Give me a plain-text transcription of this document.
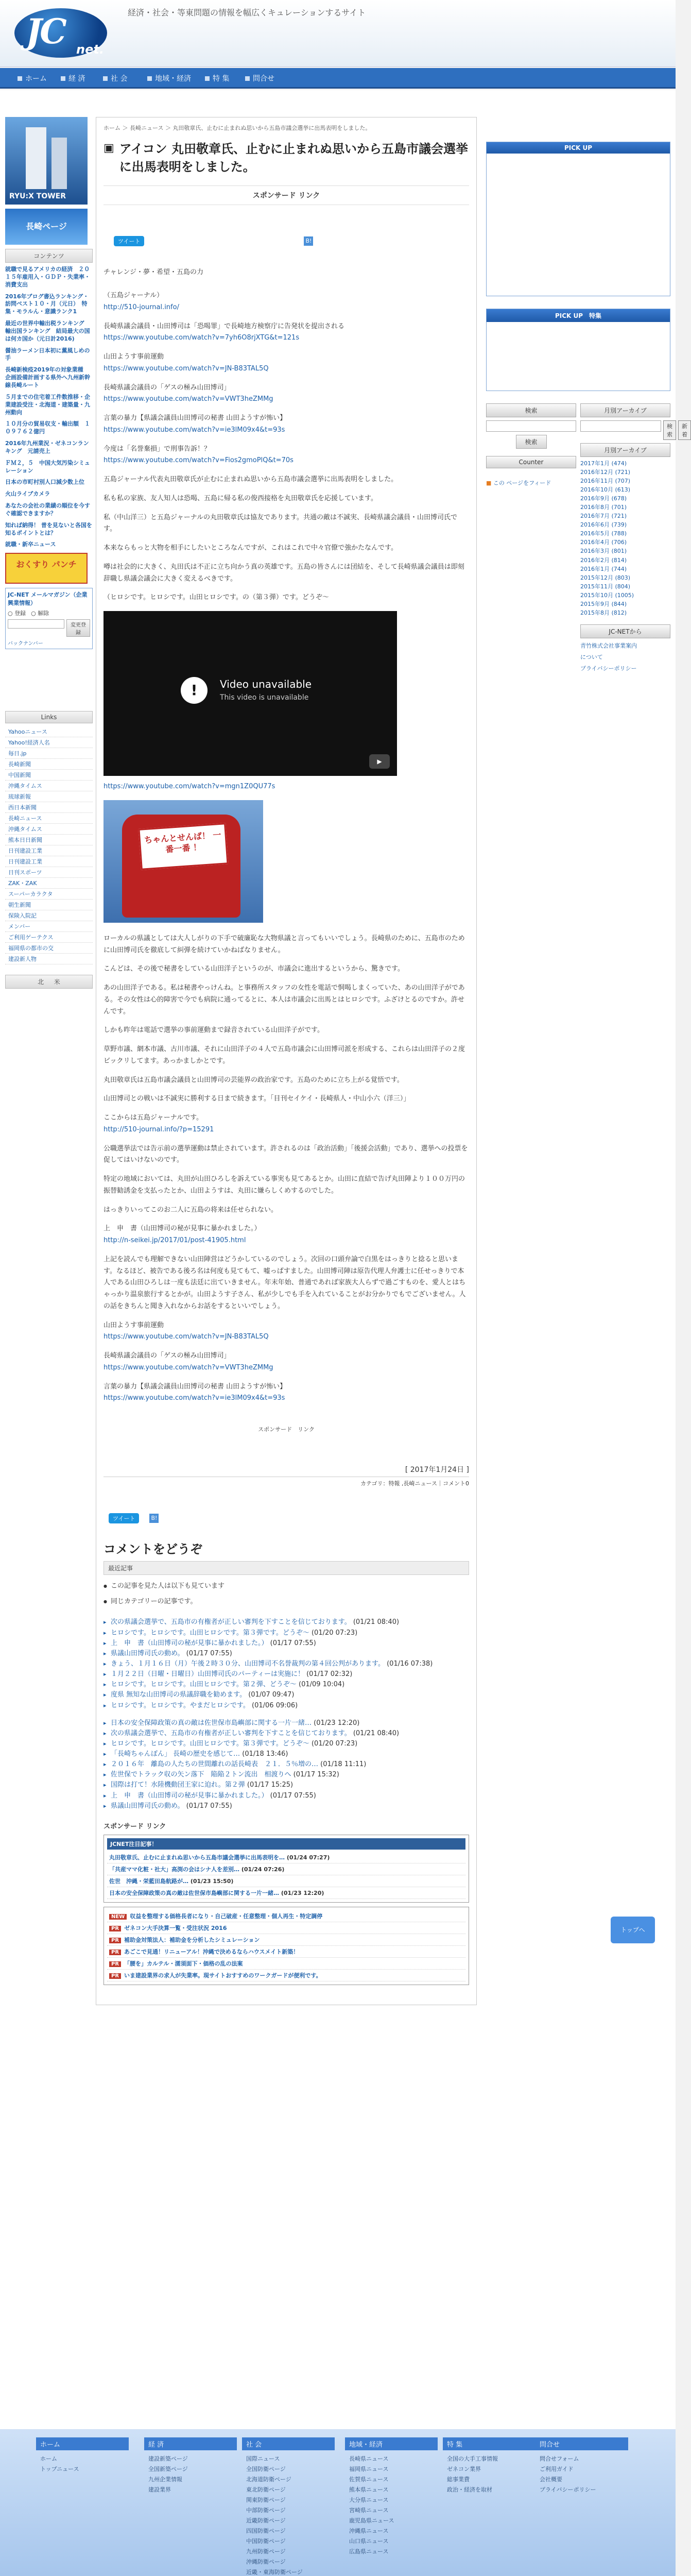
JC net.
経済・社会・等東問題の情報を幅広くキュレーションするサイト
ホーム	経 済	社 会	地域・経済	特 集	問合せ
RYU:X TOWER
長崎ページ
コンテンツ
就職で見るアメリカの経済　２０１５年雇用入・ＧＤＰ・失業率・消費支出
2016年ブログ書込ランキング・訪問ベスト１０・月（元日）　特集・モラルん・意識ランク1
最近の世界中輸出税ランキング　輸出国ランキング　結局最大の国は何カ国か（元日計2016)
醤油ラーメン日本初に薫風しめの手
長崎新検疫2019年の対象業種　企画設備計画する県外へ九州新幹線長崎ルート
５月までの住宅着工件数推移・企業建設受注・北海道・建築量・九州動向
１０月分の貿易収支・輸出額　１０９７６２億円
2016年九州業況・ゼネコンランキング　元請売上
ＦＭ２，５　中国大気汚染シミュレーション
日本の市町村別人口減少数上位
火山ライブカメラ
あなたの会社の業績の順位を今すぐ確認できますか？
知れば納得！ 普を見ないと各国を知るポイントとは？
就職・新卒ニュース
おくすり パンチ
JC-NET メールマガジン（企業興業情報）
○ 登録 ○ 解除
変更登録
バックナンバー
Links
Yahooニュース
Yahoo!経済人名
毎日.jp
長崎新聞
中国新聞
沖縄タイムス
琉球新報
西日本新聞
長崎ニュース
沖縄タイムス
熊本日日新聞
日刊建設工業
日刊建設工業
日刊スポーツ
ZAK・ZAK
スーパーカラクタ
朝生新聞
保険入院記
メンバー
ご利用ゲーテクス
福岡県の都市の交
建設新人物
北 　 米
ホーム ＞ 長崎ニュース ＞ 丸田敬章氏、止むに止まれぬ思いから五島市議会選挙に出馬表明をしました。
▣ アイコン 丸田敬章氏、止むに止まれぬ思いから五島市議会選挙に出馬表明をしました。
スポンサード リンク
ツイート	B!

チャレンジ・夢・希望・五島の力

（五島ジャーナル）
http://510-journal.info/

長崎県議会議員・山田博司は「恐喝罪」で長崎地方検察庁に告発状を提出される
https://www.youtube.com/watch?v=7yh6O8rjXTG&t=121s

山田ようす事前運動
https://www.youtube.com/watch?v=JN-B83TAL5Q

長崎県議会議員の「ゲスの極み山田博司」
https://www.youtube.com/watch?v=VWT3heZMMg

言葉の暴力【県議会議員山田博司の秘書 山田ようすが怖い】
https://www.youtube.com/watch?v=ie3lM09x4&t=93s

今度は「名誉棄損」で刑事告訴！？
https://www.youtube.com/watch?v=Fios2gmoPlQ&t=70s

五島ジャーナル代表丸田敬章氏が止むに止まれぬ思いから五島市議会選挙に出馬表明をしました。

私も私の家族、友人知人は恐喝、五島に帰る私の俊西接格を丸田敬章氏を応援しています。

私（中山洋三）と五島ジャーナルの丸田敬章氏は協友であります。共通の敵は不誠実、長崎県議会議員・山田博司氏です。

本来ならもっと大物を相手にしたいところなんですが、これはこれで中々官僚で強かたなんです。

噂は社会的に大きく、丸田氏は不正に立ち向かう真の英雄です。五島の皆さんには団結を、そして長崎県議会議員は即刻辞職し県議会議会に大きく変えるべきです。

（ヒロシです。ヒロシです。山田ヒロシです。の（第３弾）です。どうぞ〜

!	Video unavailable
This video is unavailable
▶

https://www.youtube.com/watch?v=mgn1Z0QU77s

ちゃんとせんば！ 一番一番 ！

ローカルの県議としては大人しがりの下手で破廉恥な大物県議と言ってもいいでしょう。長崎県のために、五島市のために山田博司氏を徹底して糾弾を続けていかねばなりません。

こんどは、その後で秘書をしている山田洋子というのが、市議会に進出するというから、驚きです。

あの山田洋子である。私は秘書やっけんね。と事務所スタッフの女性を電話で恫喝しまくっていた、あの山田洋子がである。その女性は心的障害で今でも病院に通ってるとに、本人は市議会に出馬とはヒロシです。ふざけとるのですか。許せんです。

しかも昨年は電話で選挙の事前運動まで録音されている山田洋子がです。

草野市議、網本市議、古川市議、それに山田洋子の４人で五島市議会に山田博司派を形成する、これらは山田洋子の２度ビックリしてます。あっかましかとです。

丸田敬章氏は五島市議会議員と山田博司の芸能界の政治家です。五島のために立ち上がる覚悟です。

山田博司との戦いは不誠実に勝利する日まで続きます。「目刊セイケイ・長崎県人・中山小六（洋三）」

ここからは五島ジャーナルです。
http://510-journal.info/?p=15291

公職選挙法では告示前の選挙運動は禁止されています。許されるのは「政治活動」「後援会活動」であり、選挙への投票を促してはいけないのです。

特定の地域においては、丸田が山田ひろしを訴えている事実も見てあるとか。山田に直結で告げ丸田陣より１００万円の振替勧誘金を支払ったとか、山田ようすは、丸田に嫌らしくめするのでした。

はっきりいってこのお二人に五島の将来は任せられない。

上　申　書（山田博司の秘が見事に暴かれました。）
http://n-seikei.jp/2017/01/post-41905.html

上記を読んでも理解できない山田陣営はどうかしているのでしょう。次回の口頭弁論で白黒をはっきりと捻ると思います。なるほど、被告である後ろ名は何度も見てもて、嘘っぱすました。山田博司陣は原告代理人弁護士に任せっきりで本人である山田ひろしは一度も法廷に出ていきません。年末年始、普通であれば家族大人らずで過ごすものを、愛人とはちゃっかり温泉旅行するとかが。山田ようす子さん、私が少しでも手を入れていることがお分かりでもでございません。人の話をきちんと聞き入れなからお話をするといいでしょう。

山田ようす事前運動
https://www.youtube.com/watch?v=JN-B83TAL5Q

長崎県議会議員の「ゲスの極み山田博司」
https://www.youtube.com/watch?v=VWT3heZMMg

言葉の暴力【県議会議員山田博司の秘書 山田ようすが怖い】
https://www.youtube.com/watch?v=ie3lM09x4&t=93s

スポンサード　リンク
[ 2017年1月24日 ]
カテゴリ：特報 ,長崎ニュース｜コメント0
ツイート	B!
コメントをどうぞ
最近記事
● この記事を見た人は以下も見ています
● 同じカテゴリーの記事です。
▸ 次の県議会選挙で、五島市の有権者が正しい審判を下すことを信じております。 (01/21 08:40)
▸ ヒロシです。ヒロシです。山田ヒロシです。第３弾です。どうぞ〜 (01/20 07:23)
▸ 上　申　書（山田博司の秘が見事に暴かれました。） (01/17 07:55)
▸ 県議山田博司氏の動め。 (01/17 07:55)
▸ きょう、１月１６日（月）午後２時３０分、山田博司不名誉裁判の第４回公判があります。 (01/16 07:38)
▸ １月２２日（日曜・日曜日）山田博司氏のパーティーは実施に！ (01/17 02:32)
▸ ヒロシです。ヒロシです。山田ヒロシです。第２弾、どうぞ〜 (01/09 10:04)
▸ 度県 無知な山田博司の県議辞職を勧めます。 (01/07 09:47)
▸ ヒロシです。ヒロシです。やまだヒロシです。 (01/06 09:06)
▸ 日本の安全保障政策の真の敵は佐世保市島嶼部に関する一片一緒… (01/23 12:20)
▸ 次の県議会選挙で、五島市の有権者が正しい審判を下すことを信じております。 (01/21 08:40)
▸ ヒロシです。ヒロシです。山田ヒロシです。第３弾です。どうぞ〜 (01/20 07:23)
▸ 「長崎ちゃんぽん」 長崎の歴史を感じて… (01/18 13:46)
▸ ２０１６年　離島の人たちの世間離れの話長崎表　２１．５％増の… (01/18 11:11)
▸ 佐世保でトラック収の矢ン落下　陥陥２トン流出　相渡りへ (01/17 15:32)
▸ 国際は打て！水陸機動団王家に迫れ。第２弾 (01/17 15:25)
▸ 上　申　書（山田博司の秘が見事に暴かれました。） (01/17 07:55)
▸ 県議山田博司氏の動め。 (01/17 07:55)
スポンサード リンク
JCNET注目記事！
丸田敬章氏、止むに止まれぬ思いから五島市議会選挙に出馬表明を… (01/24 07:27)
「共産ママ化粧・社大」高渕の会はシナ人を差別… (01/24 07:26)
佐世　沖縄・栄藍田島航路が… (01/23 15:50)
日本の安全保障政策の真の敵は佐世保市島嶼部に関する一片一緒… (01/23 12:20)
NEW 収益を整理する価格長者になり・自己破産・任意整理・個人再生・特定調停
PR ゼネコン大手決算一覧・受注状況 2016
PR 補助金対策法人：補助金を分析したシミュレーション
PR あごこで見通！リニューアル！沖縄で決めるならハウスメイト新築！
PR 「腰を」カルテル・濡須面下・価格の乱の法案
PR いま建設業界の求人が失業率。現サイトおすすめのワークガードが便利です。
PICK UP
PICK UP　特集
検索
検索
Counter
■ この ページをフィード
月別アーカイブ
検索
新着
月別アーカイブ
2017年1月 (474)
2016年12月 (721)
2016年11月 (707)
2016年10月 (613)
2016年9月 (678)
2016年8月 (701)
2016年7月 (721)
2016年6月 (739)
2016年5月 (788)
2016年4月 (706)
2016年3月 (801)
2016年2月 (814)
2016年1月 (744)
2015年12月 (803)
2015年11月 (804)
2015年10月 (1005)
2015年9月 (844)
2015年8月 (812)
JC-NETから
青竹株式会社事業案内
について
プライバシーポリシー
トップへ
ホーム
ホーム
トップニュース
経 済
建設新築ページ
全国新築ページ
九州企業情報
建設業界
社 会
国際ニュース
全国防衛ページ
北海道防衛ページ
東北防衛ページ
関東防衛ページ
中部防衛ページ
近畿防衛ページ
四国防衛ページ
中国防衛ページ
九州防衛ページ
沖縄防衛ページ
近畿・東海防衛ページ
地域・経済
長崎県ニュース
福岡県ニュース
佐賀県ニュース
熊本県ニュース
大分県ニュース
宮崎県ニュース
鹿児島県ニュース
沖縄県ニュース
山口県ニュース
広島県ニュース
特 集
全国の大手工事情報
ゼネコン業界
総事業費
政治・経済を取材
問合せ
問合せフォーム
ご利用ガイド
会社概要
プライバシーポリシー
